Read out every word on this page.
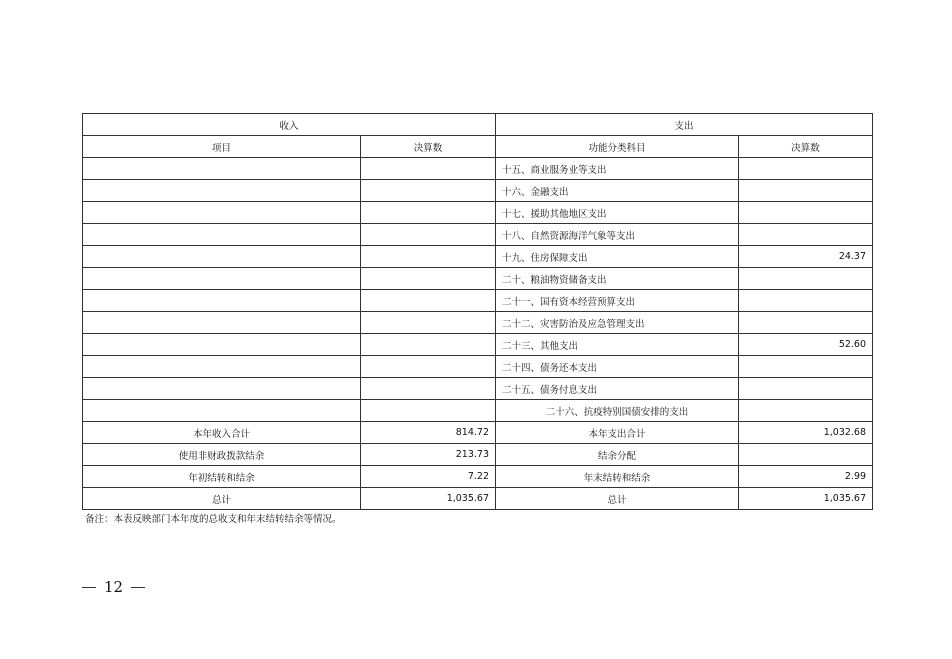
收入		支出	
项目	决算数	功能分类科目	决算数
		十五、商业服务业等支出	
		十六、金融支出	
		十七、援助其他地区支出	
		十八、自然资源海洋气象等支出	
		十九、住房保障支出	24.37
		二十、粮油物资储备支出	
		二十一、国有资本经营预算支出	
		二十二、灾害防治及应急管理支出	
		二十三、其他支出	52.60
		二十四、债务还本支出	
		二十五、债务付息支出	
		二十六、抗疫特别国债安排的支出	
本年收入合计	814.72	本年支出合计	1,032.68
使用非财政拨款结余	213.73	结余分配	
年初结转和结余	7.22	年末结转和结余	2.99
总计	1,035.67	总计	1,035.67
备注：本表反映部门本年度的总收支和年末结转结余等情况。
12
